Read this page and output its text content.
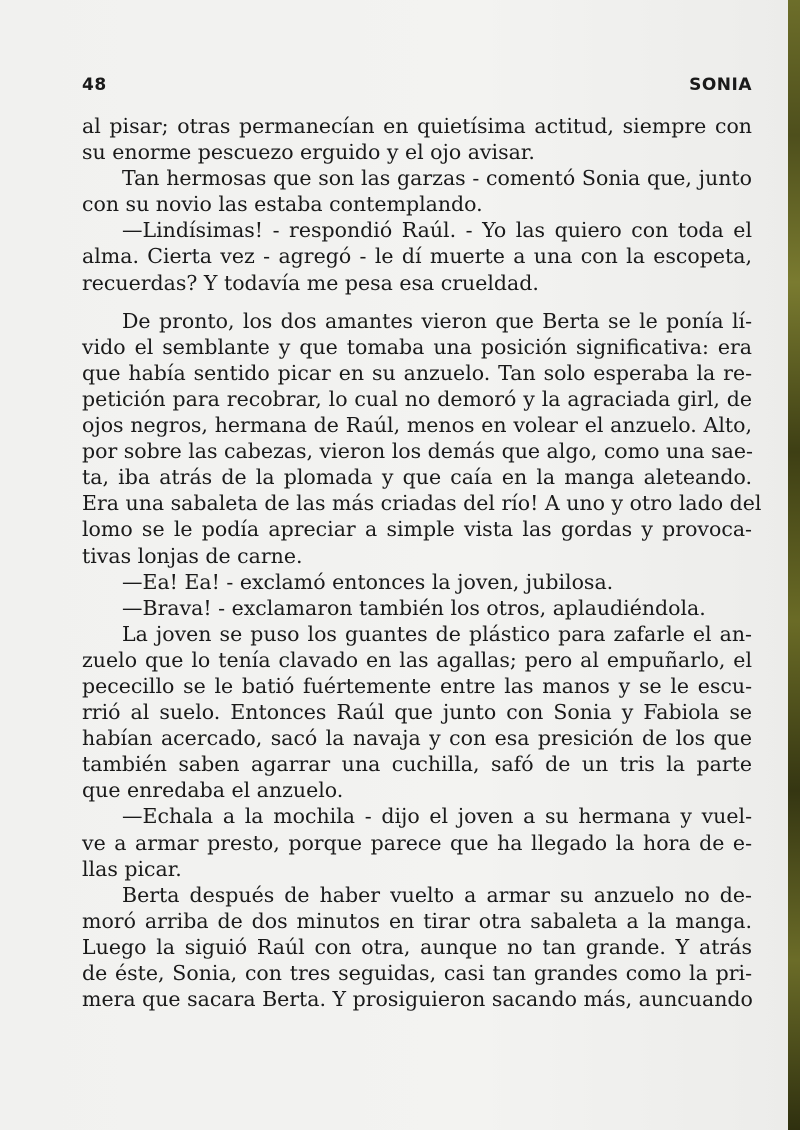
48	SONIA
al pisar; otras permanecían en quietísima actitud, siempre con
su enorme pescuezo erguido y el ojo avisar.
Tan hermosas que son las garzas - comentó Sonia que, junto
con su novio las estaba contemplando.
—Lindísimas! - respondió Raúl. - Yo las quiero con toda el
alma. Cierta vez - agregó - le dí muerte a una con la escopeta,
recuerdas? Y todavía me pesa esa crueldad.
De pronto, los dos amantes vieron que Berta se le ponía lí-
vido el semblante y que tomaba una posición significativa: era
que había sentido picar en su anzuelo. Tan solo esperaba la re-
petición para recobrar, lo cual no demoró y la agraciada girl, de
ojos negros, hermana de Raúl, menos en volear el anzuelo. Alto,
por sobre las cabezas, vieron los demás que algo, como una sae-
ta, iba atrás de la plomada y que caía en la manga aleteando.
Era una sabaleta de las más criadas del río! A uno y otro lado del
lomo se le podía apreciar a simple vista las gordas y provoca-
tivas lonjas de carne.
—Ea! Ea! - exclamó entonces la joven, jubilosa.
—Brava! - exclamaron también los otros, aplaudiéndola.
La joven se puso los guantes de plástico para zafarle el an-
zuelo que lo tenía clavado en las agallas; pero al empuñarlo, el
pececillo se le batió fuértemente entre las manos y se le escu-
rrió al suelo. Entonces Raúl que junto con Sonia y Fabiola se
habían acercado, sacó la navaja y con esa presición de los que
también saben agarrar una cuchilla, safó de un tris la parte
que enredaba el anzuelo.
—Echala a la mochila - dijo el joven a su hermana y vuel-
ve a armar presto, porque parece que ha llegado la hora de e-
llas picar.
Berta después de haber vuelto a armar su anzuelo no de-
moró arriba de dos minutos en tirar otra sabaleta a la manga.
Luego la siguió Raúl con otra, aunque no tan grande. Y atrás
de éste, Sonia, con tres seguidas, casi tan grandes como la pri-
mera que sacara Berta. Y prosiguieron sacando más, auncuando
